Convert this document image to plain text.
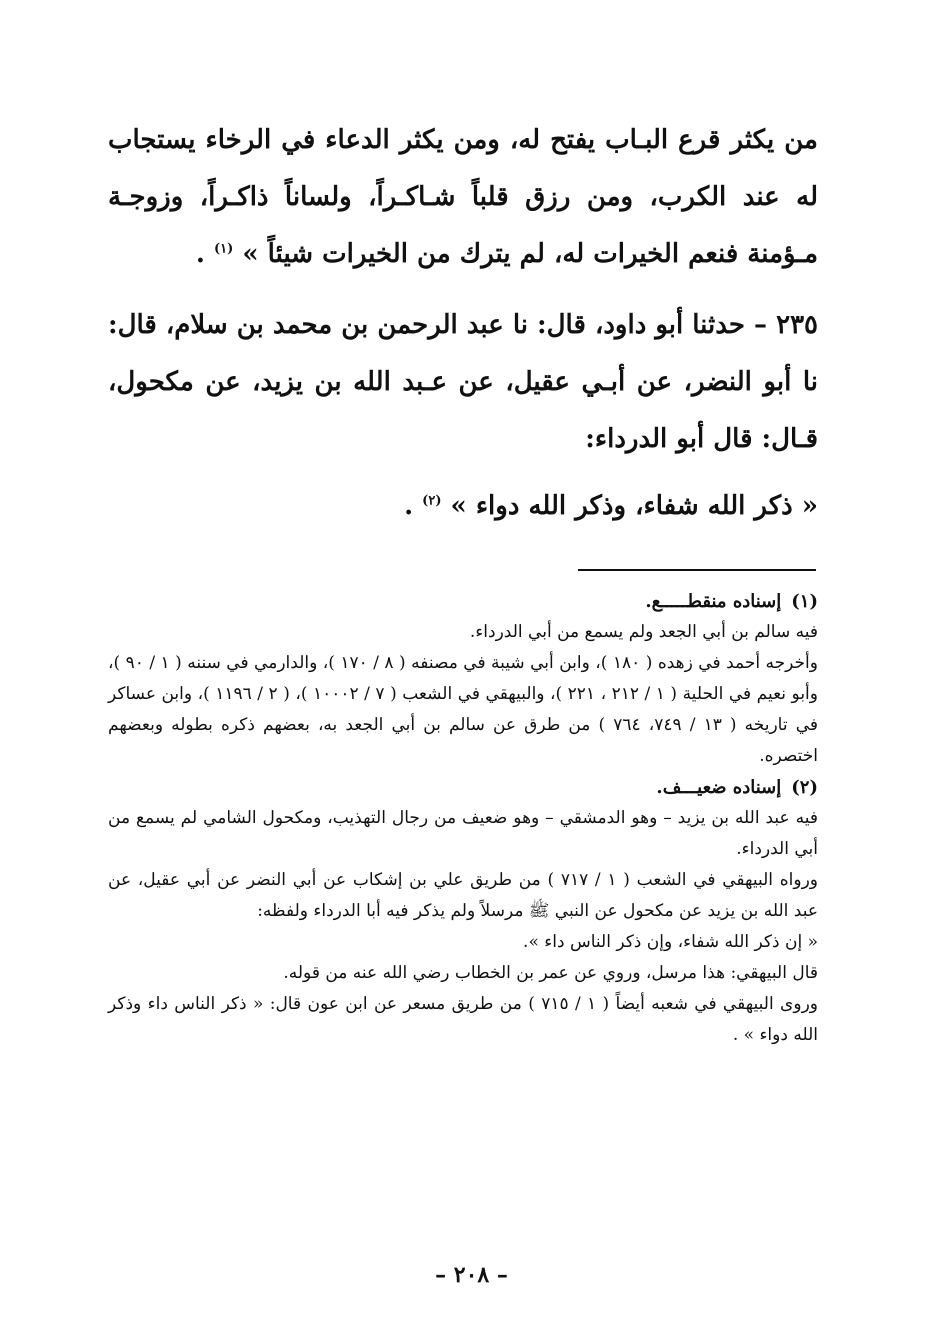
من يكثر قرع البـاب يفتح له، ومن يكثر الدعاء في الرخاء يستجاب له عند الكرب، ومن رزق قلباً شـاكـراً، ولساناً ذاكـراً، وزوجـة مـؤمنة فنعم الخيرات له، لم يترك من الخيرات شيئاً » $^{(١)}$ .

٢٣٥ – حدثنا أبو داود، قال: نا عبد الرحمن بن محمد بن سلام، قال: نا أبو النضر، عن أبـي عقيل، عن عـبد الله بن يزيد، عن مكحول، قـال: قال أبو الدرداء:

« ذكر الله شفاء، وذكر الله دواء » $^{(٢)}$ .

(١)إسناده منقطـــــع.

فيه سالم بن أبي الجعد ولم يسمع من أبي الدرداء.

وأخرجه أحمد في زهده ( ١٨٠ )، وابن أبي شيبة في مصنفه ( ٨ / ١٧٠ )، والدارمي في سننه ( ١ / ٩٠ )، وأبو نعيم في الحلية ( ١ / ٢١٢ ، ٢٢١ )، والبيهقي في الشعب ( ٧ / ١٠٠٠٢ )، ( ٢ / ١١٩٦ )، وابن عساكر في تاريخه ( ١٣ / ٧٤٩، ٧٦٤ ) من طرق عن سالم بن أبي الجعد به، بعضهم ذكره بطوله وبعضهم اختصره.

(٢)إسناده ضعيـــف.

فيه عبد الله بن يزيد – وهو الدمشقي – وهو ضعيف من رجال التهذيب، ومكحول الشامي لم يسمع من أبي الدرداء.

ورواه البيهقي في الشعب ( ١ / ٧١٧ ) من طريق علي بن إشكاب عن أبي النضر عن أبي عقيل، عن عبد الله بن يزيد عن مكحول عن النبي ﷺ مرسلاً ولم يذكر فيه أبا الدرداء ولفظه:

« إن ذكر الله شفاء، وإن ذكر الناس داء ».

قال البيهقي: هذا مرسل، وروي عن عمر بن الخطاب رضي الله عنه من قوله.

وروى البيهقي في شعبه أيضاً ( ١ / ٧١٥ ) من طريق مسعر عن ابن عون قال: « ذكر الناس داء وذكر الله دواء » .

– ٢٠٨ –
